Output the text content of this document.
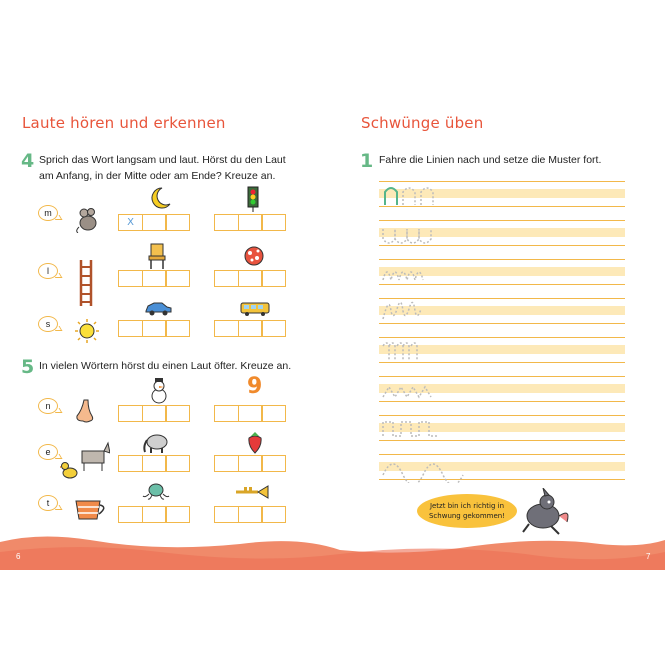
Laute hören und erkennen
4 Sprich das Wort langsam und laut. Hörst du den Laut
am Anfang, in der Mitte oder am Ende? Kreuze an.
m
X
l
s
5 In vielen Wörtern hörst du einen Laut öfter. Kreuze an.
n
9
e
t
Schwünge üben
1 Fahre die Linien nach und setze die Muster fort.
Jetzt bin ich richtig in
Schwung gekommen!
6	7
